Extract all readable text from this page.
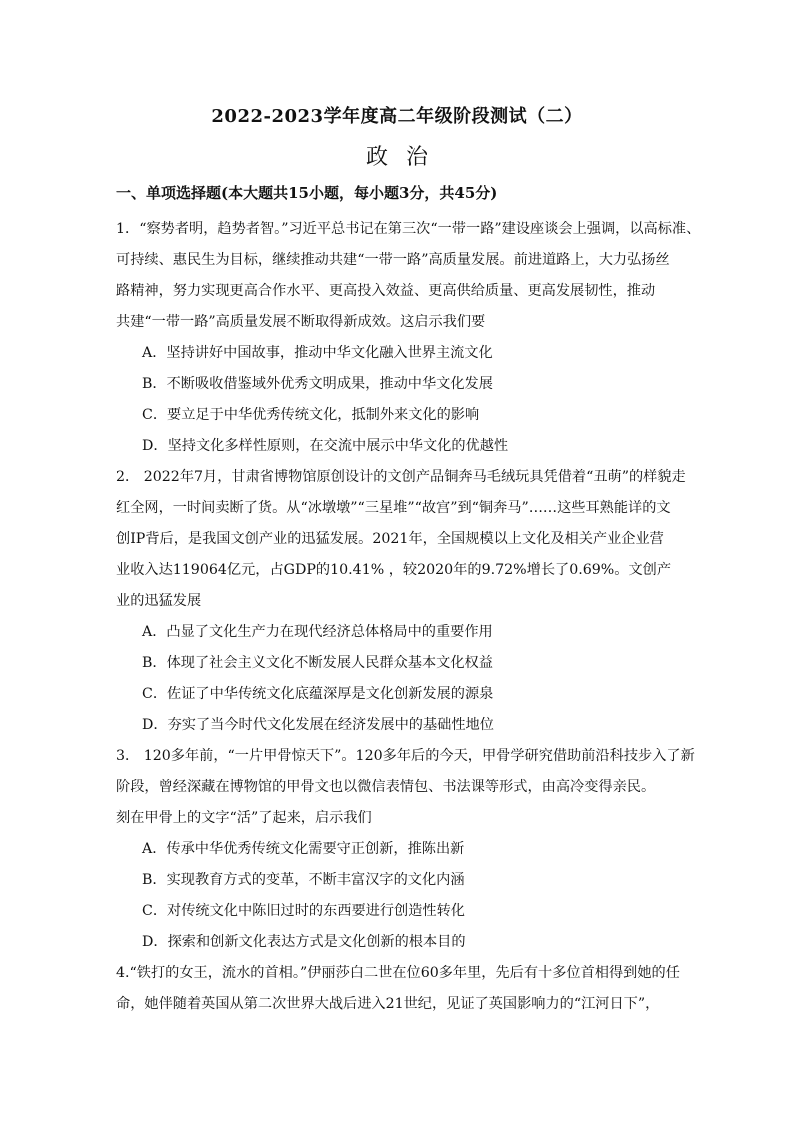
2022-2023学年度高二年级阶段测试（二）
政治
一、单项选择题(本大题共15小题，每小题3分，共45分)
1．“察势者明，趋势者智。”习近平总书记在第三次“一带一路”建设座谈会上强调，以高标准、
可持续、惠民生为目标，继续推动共建“一带一路”高质量发展。前进道路上，大力弘扬丝
路精神，努力实现更高合作水平、更高投入效益、更高供给质量、更高发展韧性，推动
共建“一带一路”高质量发展不断取得新成效。这启示我们要
A．坚持讲好中国故事，推动中华文化融入世界主流文化
B．不断吸收借鉴域外优秀文明成果，推动中华文化发展
C．要立足于中华优秀传统文化，抵制外来文化的影响
D．坚持文化多样性原则，在交流中展示中华文化的优越性
2． 2022年7月，甘肃省博物馆原创设计的文创产品铜奔马毛绒玩具凭借着“丑萌”的样貌走
红全网，一时间卖断了货。从“冰墩墩”“三星堆”“故宫”到“铜奔马”……这些耳熟能详的文
创IP背后，是我国文创产业的迅猛发展。2021年，全国规模以上文化及相关产业企业营
业收入达119064亿元，占GDP的10.41% ，较2020年的9.72%增长了0.69%。文创产
业的迅猛发展
A．凸显了文化生产力在现代经济总体格局中的重要作用
B．体现了社会主义文化不断发展人民群众基本文化权益
C．佐证了中华传统文化底蕴深厚是文化创新发展的源泉
D．夯实了当今时代文化发展在经济发展中的基础性地位
3． 120多年前，“一片甲骨惊天下”。120多年后的今天，甲骨学研究借助前沿科技步入了新
阶段，曾经深藏在博物馆的甲骨文也以微信表情包、书法课等形式，由高冷变得亲民。
刻在甲骨上的文字“活”了起来，启示我们
A．传承中华优秀传统文化需要守正创新，推陈出新
B．实现教育方式的变革，不断丰富汉字的文化内涵
C．对传统文化中陈旧过时的东西要进行创造性转化
D．探索和创新文化表达方式是文化创新的根本目的
4.“铁打的女王，流水的首相。”伊丽莎白二世在位60多年里，先后有十多位首相得到她的任
命，她伴随着英国从第二次世界大战后进入21世纪，见证了英国影响力的“江河日下”，
